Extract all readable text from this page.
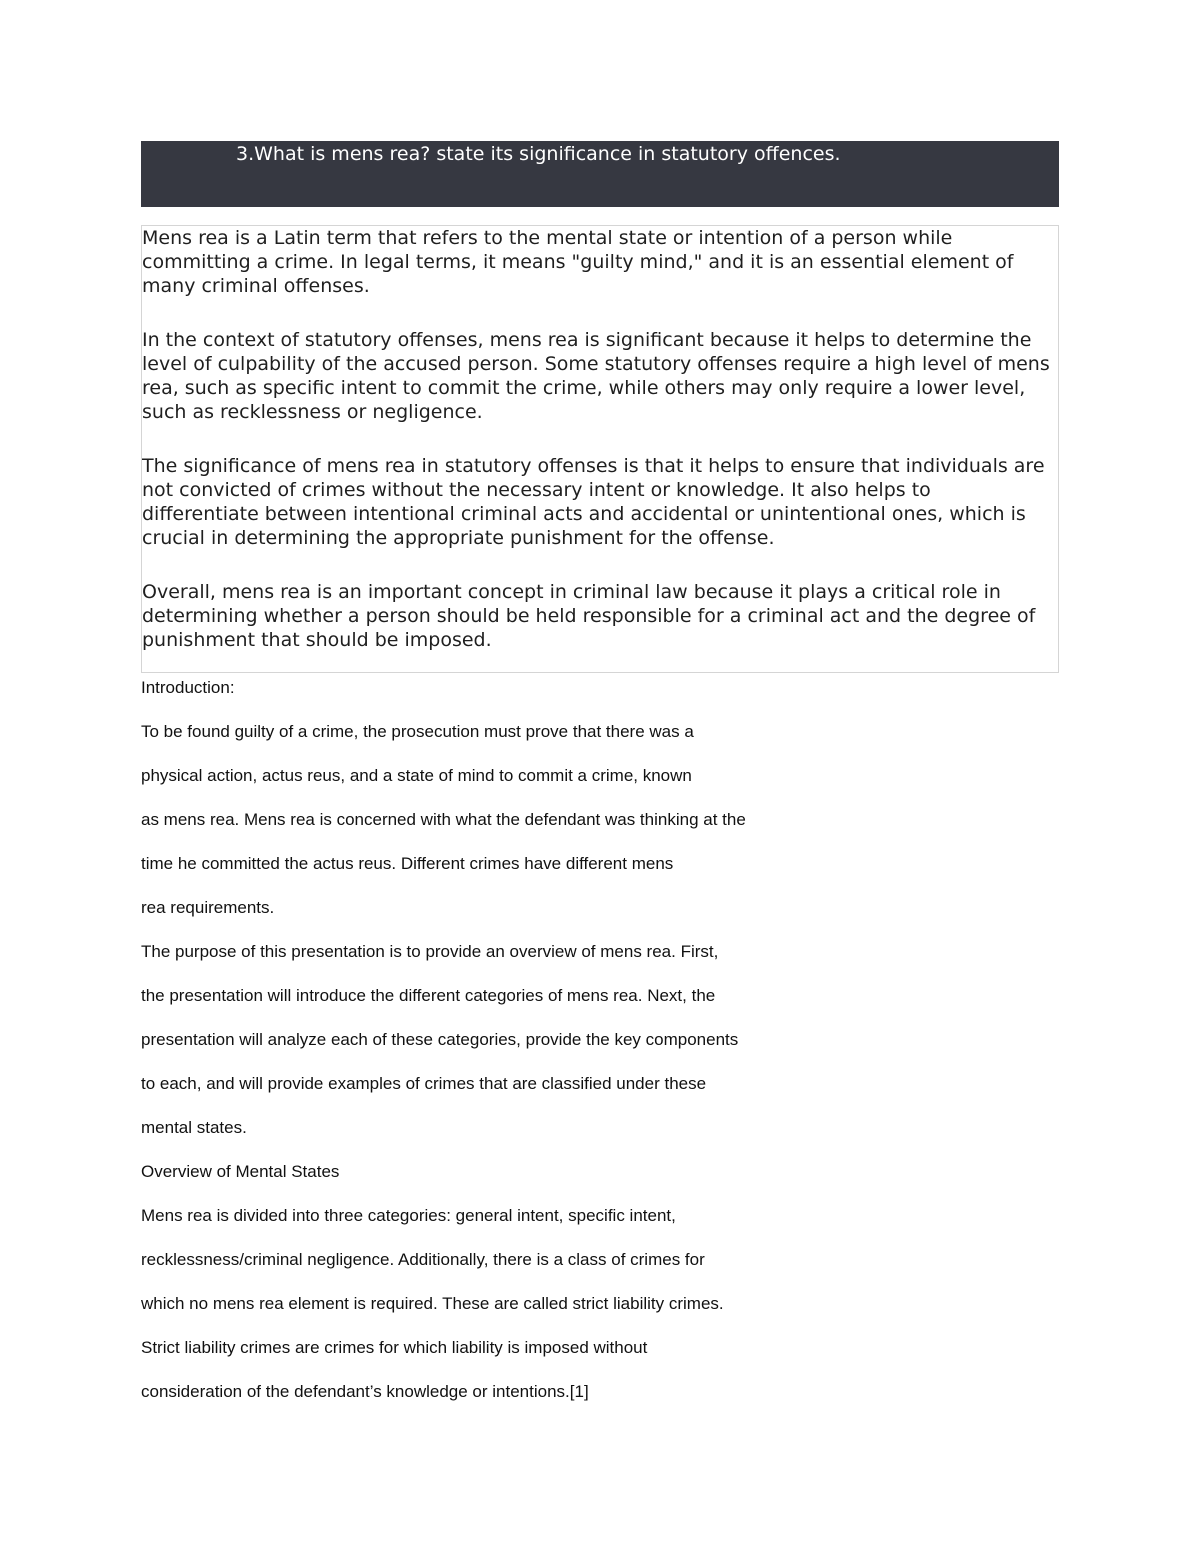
3.What is mens rea? state its significance in statutory offences.

Mens rea is a Latin term that refers to the mental state or intention of a person while committing a crime. In legal terms, it means "guilty mind," and it is an essential element of many criminal offenses.

In the context of statutory offenses, mens rea is significant because it helps to determine the level of culpability of the accused person. Some statutory offenses require a high level of mens rea, such as specific intent to commit the crime, while others may only require a lower level, such as recklessness or negligence.

The significance of mens rea in statutory offenses is that it helps to ensure that individuals are not convicted of crimes without the necessary intent or knowledge. It also helps to differentiate between intentional criminal acts and accidental or unintentional ones, which is crucial in determining the appropriate punishment for the offense.

Overall, mens rea is an important concept in criminal law because it plays a critical role in determining whether a person should be held responsible for a criminal act and the degree of punishment that should be imposed.

Introduction:
To be found guilty of a crime, the prosecution must prove that there was a
physical action, actus reus, and a state of mind to commit a crime, known
as mens rea. Mens rea is concerned with what the defendant was thinking at the
time he committed the actus reus. Different crimes have different mens
rea requirements.
The purpose of this presentation is to provide an overview of mens rea. First,
the presentation will introduce the different categories of mens rea. Next, the
presentation will analyze each of these categories, provide the key components
to each, and will provide examples of crimes that are classified under these
mental states.
Overview of Mental States
Mens rea is divided into three categories: general intent, specific intent,
recklessness/criminal negligence. Additionally, there is a class of crimes for
which no mens rea element is required. These are called strict liability crimes.
Strict liability crimes are crimes for which liability is imposed without
consideration of the defendant’s knowledge or intentions.[1]
